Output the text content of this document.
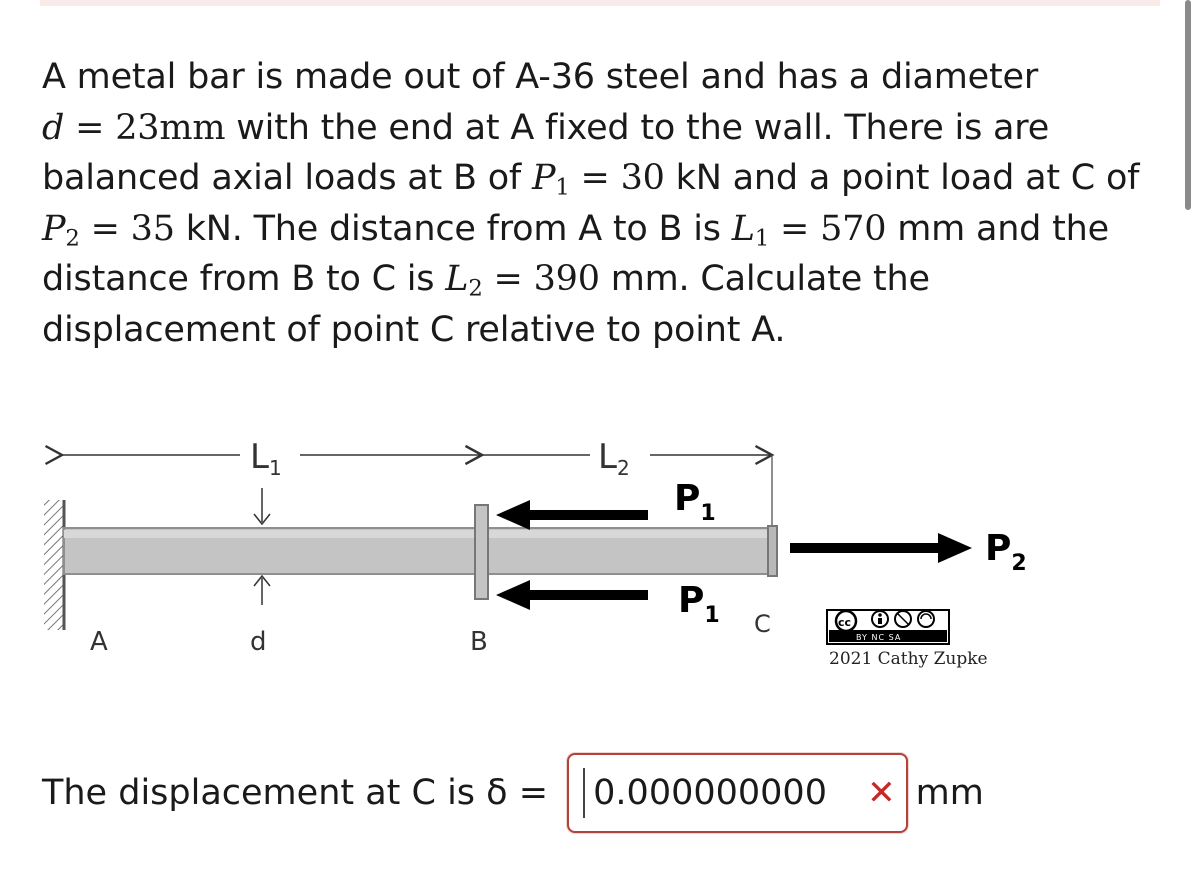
A metal bar is made out of A-36 steel and has a diameter
d = 23mm with the end at A fixed to the wall. There is are balanced axial loads at B of $P_1 = 30$ kN and a point load at C of $P_2 = 35$ kN. The distance from A to B is $L_1 = 570$ mm and the distance from B to C is $L_2 = 390$ mm. Calculate the displacement of point C relative to point A.
$L_1$	$L_2$
$P_1$
$P_1$
$P_2$
A	d	B
C	cc
BY NC SA
2021 Cathy Zupke
The displacement at C is δ =
0.000000000	✕ mm
